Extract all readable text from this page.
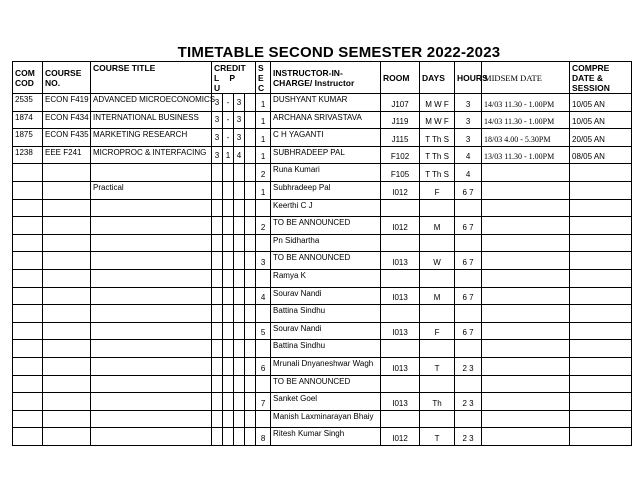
TIMETABLE SECOND SEMESTER 2022-2023
COM COD	COURSE NO.	COURSE TITLE	CREDIT
L P U				S E C	INSTRUCTOR-IN-CHARGE/ Instructor	ROOM	DAYS	HOURS	MIDSEM DATE	COMPRE DATE & SESSION
2535	ECON F419	ADVANCED MICROECONOMICS	3	-	3		1	DUSHYANT KUMAR	J107	M W F	3	14/03 11.30 - 1.00PM	10/05 AN
1874	ECON F434	INTERNATIONAL BUSINESS	3	-	3		1	ARCHANA SRIVASTAVA	J119	M W F	3	14/03 11.30 - 1.00PM	10/05 AN
1875	ECON F435	MARKETING RESEARCH	3	-	3		1	C H YAGANTI	J115	T Th S	3	18/03 4.00 - 5.30PM	20/05 AN
1238	EEE F241	MICROPROC & INTERFACING	3	1	4		1	SUBHRADEEP PAL	F102	T Th S	4	13/03 11.30 - 1.00PM	08/05 AN
							2	Runa Kumari	F105	T Th S	4		
		Practical					1	Subhradeep Pal	I012	F	6 7		
								Keerthi C J					
							2	TO BE ANNOUNCED	I012	M	6 7		
								Pn Sidhartha					
							3	TO BE ANNOUNCED	I013	W	6 7		
								Ramya K					
							4	Sourav Nandi	I013	M	6 7		
								Battina Sindhu					
							5	Sourav Nandi	I013	F	6 7		
								Battina Sindhu					
							6	Mrunali Dnyaneshwar Wagh	I013	T	2 3		
								TO BE ANNOUNCED					
							7	Sanket Goel	I013	Th	2 3		
								Manish Laxminarayan Bhaiy					
							8	Ritesh Kumar Singh	I012	T	2 3		
